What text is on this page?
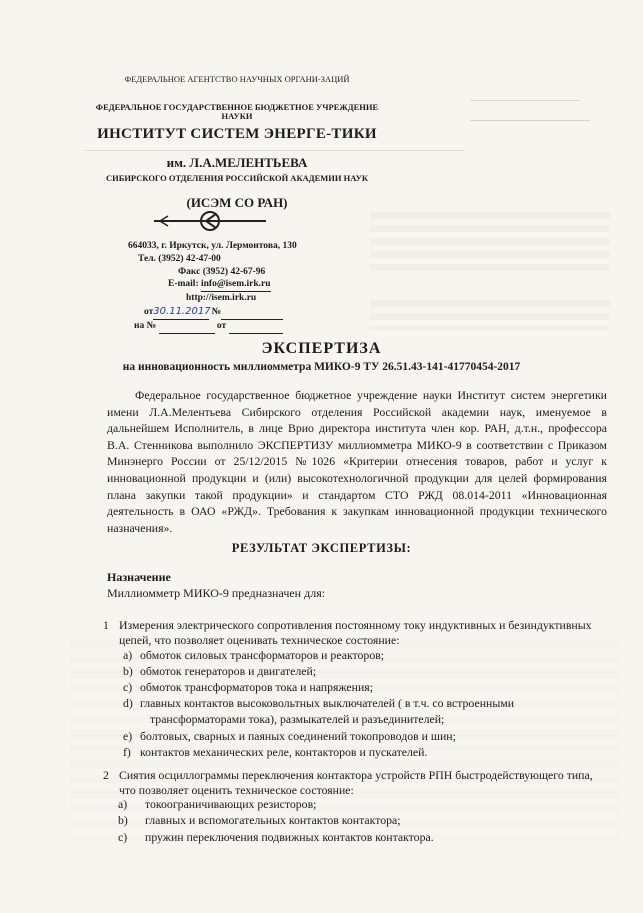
ФЕДЕРАЛЬНОЕ АГЕНТСТВО НАУЧНЫХ ОРГАНИ-ЗАЦИЙ
ФЕДЕРАЛЬНОЕ ГОСУДАРСТВЕННОЕ БЮДЖЕТНОЕ УЧРЕЖДЕНИЕ НАУКИ
ИНСТИТУТ СИСТЕМ ЭНЕРГЕ-ТИКИ
им. Л.А.МЕЛЕНТЬЕВА
СИБИРСКОГО ОТДЕЛЕНИЯ РОССИЙСКОЙ АКАДЕМИИ НАУК
(ИСЭМ СО РАН)
664033, г. Иркутск, ул. Лермонтова, 130
Тел. (3952) 42-47-00
Факс (3952) 42-67-96
E-mail: info@isem.irk.ru
http://isem.irk.ru
от30.11.2017 №
на №	от
ЭКСПЕРТИЗА
на инновационность миллиомметра МИКО-9 ТУ 26.51.43-141-41770454-2017
Федеральное государственное бюджетное учреждение науки Институт систем энергетики имени Л.А.Мелентьева Сибирского отделения Российской академии наук, именуемое в дальнейшем Исполнитель, в лице Врио директора института член кор. РАН, д.т.н., профессора В.А. Стенникова выполнило ЭКСПЕРТИЗУ миллиомметра МИКО-9 в соответствии с Приказом Минэнерго России от 25/12/2015 №1026 «Критерии отнесения товаров, работ и услуг к инновационной продукции и (или) высокотехнологичной продукции для целей формирования плана закупки такой продукции» и стандартом СТО РЖД 08.014-2011 «Инновационная деятельность в ОАО «РЖД». Требования к закупкам инновационной продукции технического назначения».
РЕЗУЛЬТАТ ЭКСПЕРТИЗЫ:
Назначение
Миллиомметр МИКО-9 предназначен для:
1 Измерения электрического сопротивления постоянному току индуктивных и безиндуктивных цепей, что позволяет оценивать техническое состояние:
a) обмоток силовых трансформаторов и реакторов;
b) обмоток генераторов и двигателей;
c) обмоток трансформаторов тока и напряжения;
d) главных контактов высоковольтных выключателей ( в т.ч. со встроенными
трансформаторами тока), размыкателей и разъединителей;
e) болтовых, сварных и паяных соединений токопроводов и шин;
f) контактов механических реле, контакторов и пускателей.
2 Сиятия осциллограммы переключения контактора устройств РПН быстродействующего типа, что позволяет оценить техническое состояние:
a) токоограничивающих резисторов;
b) главных и вспомогательных контактов контактора;
c) пружин переключения подвижных контактов контактора.
